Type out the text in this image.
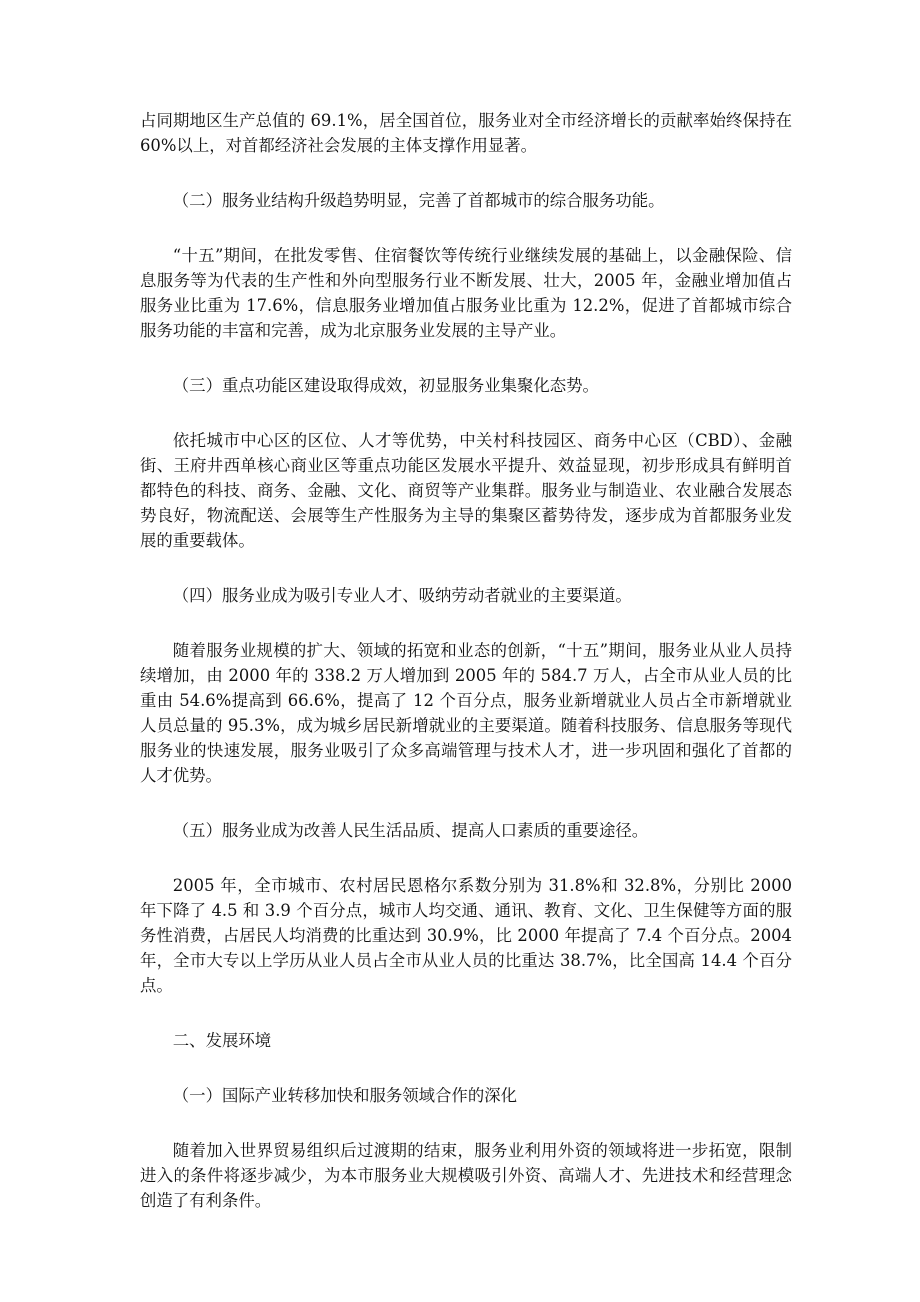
占同期地区生产总值的 69.1%，居全国首位，服务业对全市经济增长的贡献率始终保持在 60%以上，对首都经济社会发展的主体支撑作用显著。

（二）服务业结构升级趋势明显，完善了首都城市的综合服务功能。

“十五”期间，在批发零售、住宿餐饮等传统行业继续发展的基础上，以金融保险、信息服务等为代表的生产性和外向型服务行业不断发展、壮大，2005 年，金融业增加值占服务业比重为 17.6%，信息服务业增加值占服务业比重为 12.2%，促进了首都城市综合服务功能的丰富和完善，成为北京服务业发展的主导产业。

（三）重点功能区建设取得成效，初显服务业集聚化态势。

依托城市中心区的区位、人才等优势，中关村科技园区、商务中心区（CBD）、金融街、王府井西单核心商业区等重点功能区发展水平提升、效益显现，初步形成具有鲜明首都特色的科技、商务、金融、文化、商贸等产业集群。服务业与制造业、农业融合发展态势良好，物流配送、会展等生产性服务为主导的集聚区蓄势待发，逐步成为首都服务业发展的重要载体。

（四）服务业成为吸引专业人才、吸纳劳动者就业的主要渠道。

随着服务业规模的扩大、领域的拓宽和业态的创新，“十五”期间，服务业从业人员持续增加，由 2000 年的 338.2 万人增加到 2005 年的 584.7 万人，占全市从业人员的比重由 54.6%提高到 66.6%，提高了 12 个百分点，服务业新增就业人员占全市新增就业人员总量的 95.3%，成为城乡居民新增就业的主要渠道。随着科技服务、信息服务等现代服务业的快速发展，服务业吸引了众多高端管理与技术人才，进一步巩固和强化了首都的人才优势。

（五）服务业成为改善人民生活品质、提高人口素质的重要途径。

2005 年，全市城市、农村居民恩格尔系数分别为 31.8%和 32.8%，分别比 2000 年下降了 4.5 和 3.9 个百分点，城市人均交通、通讯、教育、文化、卫生保健等方面的服务性消费，占居民人均消费的比重达到 30.9%，比 2000 年提高了 7.4 个百分点。2004 年，全市大专以上学历从业人员占全市从业人员的比重达 38.7%，比全国高 14.4 个百分点。

二、发展环境

（一）国际产业转移加快和服务领域合作的深化

随着加入世界贸易组织后过渡期的结束，服务业利用外资的领域将进一步拓宽，限制进入的条件将逐步减少，为本市服务业大规模吸引外资、高端人才、先进技术和经营理念创造了有利条件。
